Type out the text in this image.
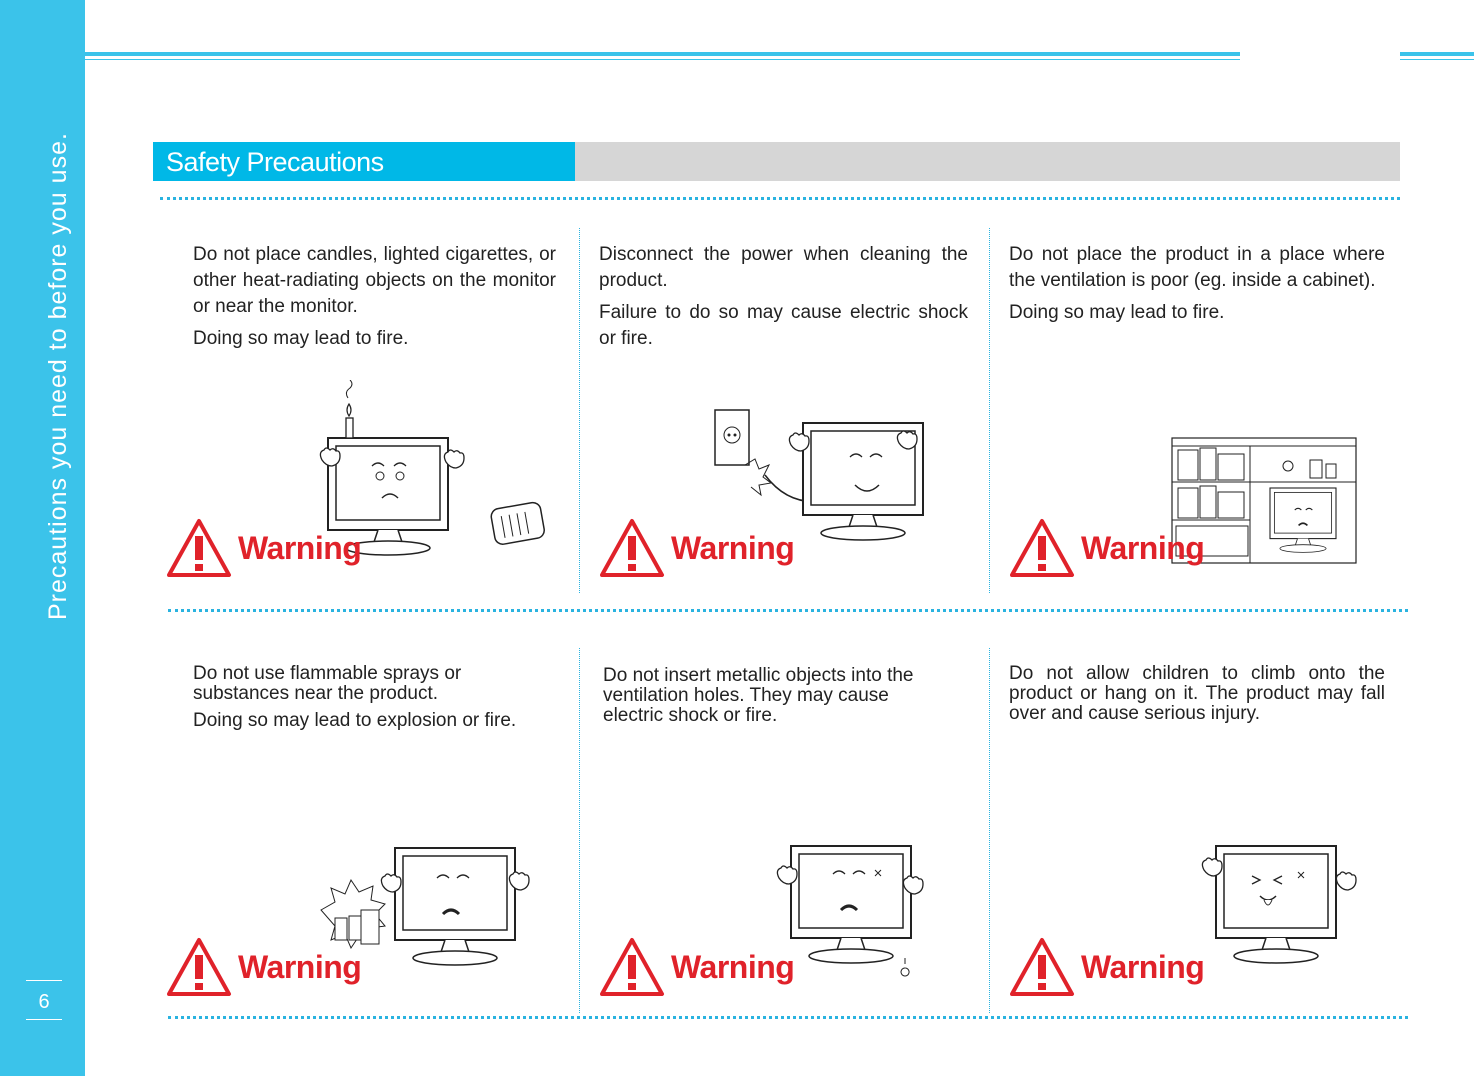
Precautions you need to before you use.
6
Safety Precautions

Do not place candles, lighted cigarettes, or other heat-radiating objects on the monitor or near the monitor.

Doing so may lead to fire.

Warning

Disconnect the power when cleaning the product.

Failure to do so may cause electric shock or fire.

Warning

Do not place the product in a place where the ventilation is poor (eg. inside a cabinet).

Doing so may lead to fire.

Warning

Do not use flammable sprays or substances near the product.

Doing so may lead to explosion or fire.

Warning

Do not insert metallic objects into the ventilation holes. They may cause electric shock or fire.

Warning

Do not allow children to climb onto the product or hang on it. The product may fall over and cause serious injury.

Warning
